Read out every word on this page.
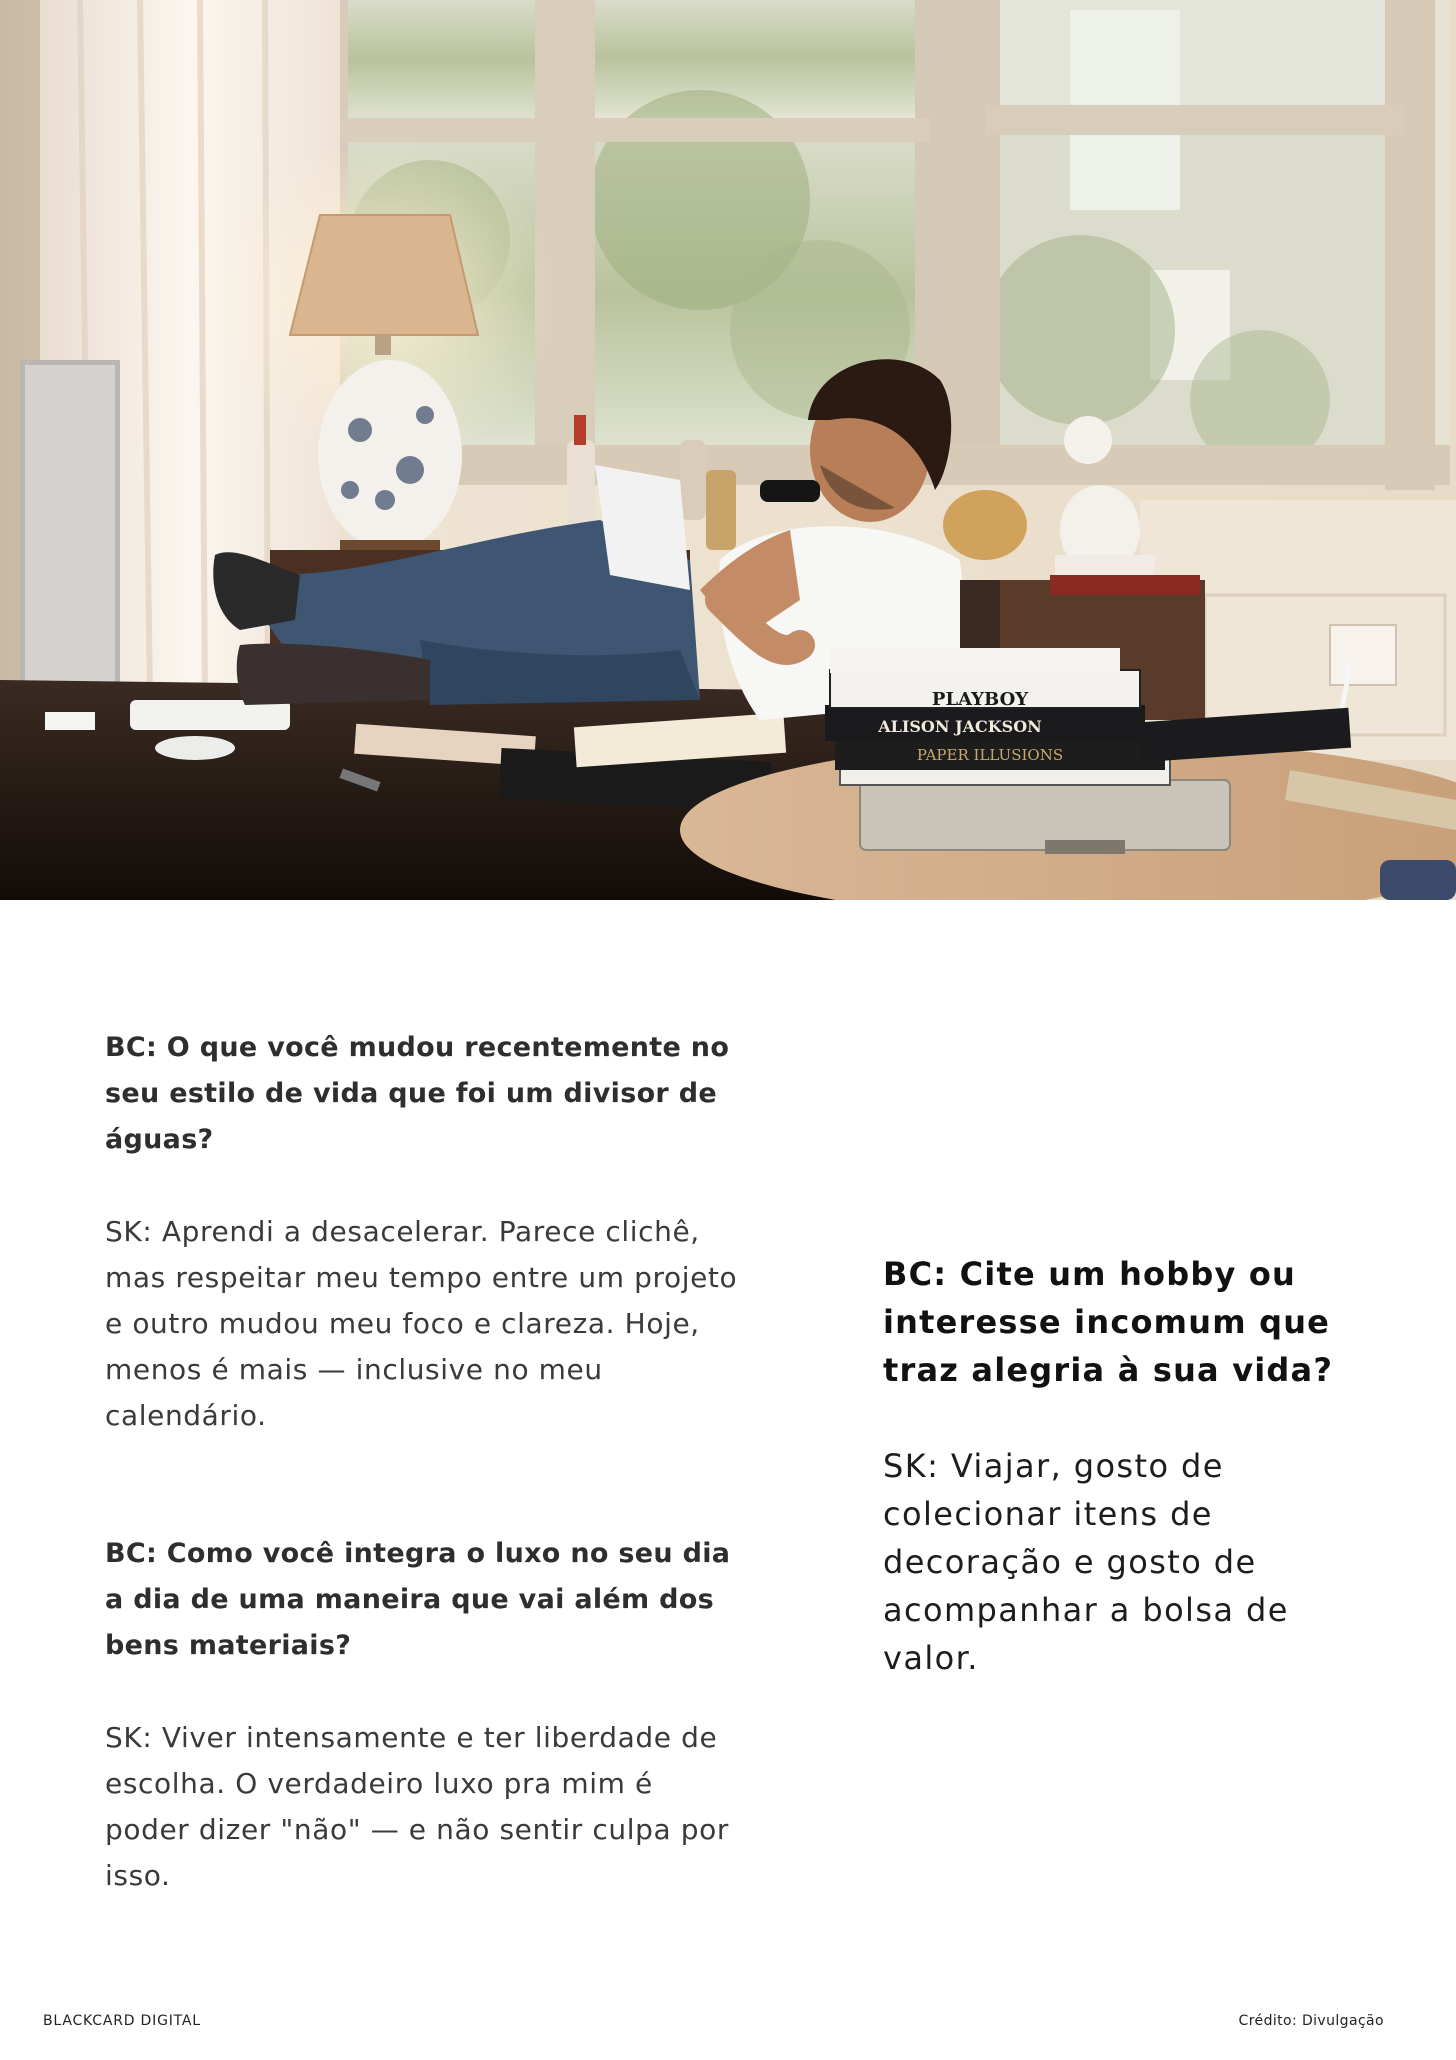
PLAYBOY
ALISON JACKSON
PAPER ILLUSIONS

BC: O que você mudou recentemente no seu estilo de vida que foi um divisor de águas?

SK: Aprendi a desacelerar. Parece clichê, mas respeitar meu tempo entre um projeto e outro mudou meu foco e clareza. Hoje, menos é mais — inclusive no meu calendário.

BC: Como você integra o luxo no seu dia a dia de uma maneira que vai além dos bens materiais?

SK: Viver intensamente e ter liberdade de escolha. O verdadeiro luxo pra mim é poder dizer "não" — e não sentir culpa por isso.

BC: Cite um hobby ou interesse incomum que traz alegria à sua vida?

SK: Viajar, gosto de colecionar itens de decoração e gosto de acompanhar a bolsa de valor.

BLACKCARD DIGITAL	Crédito: Divulgação
